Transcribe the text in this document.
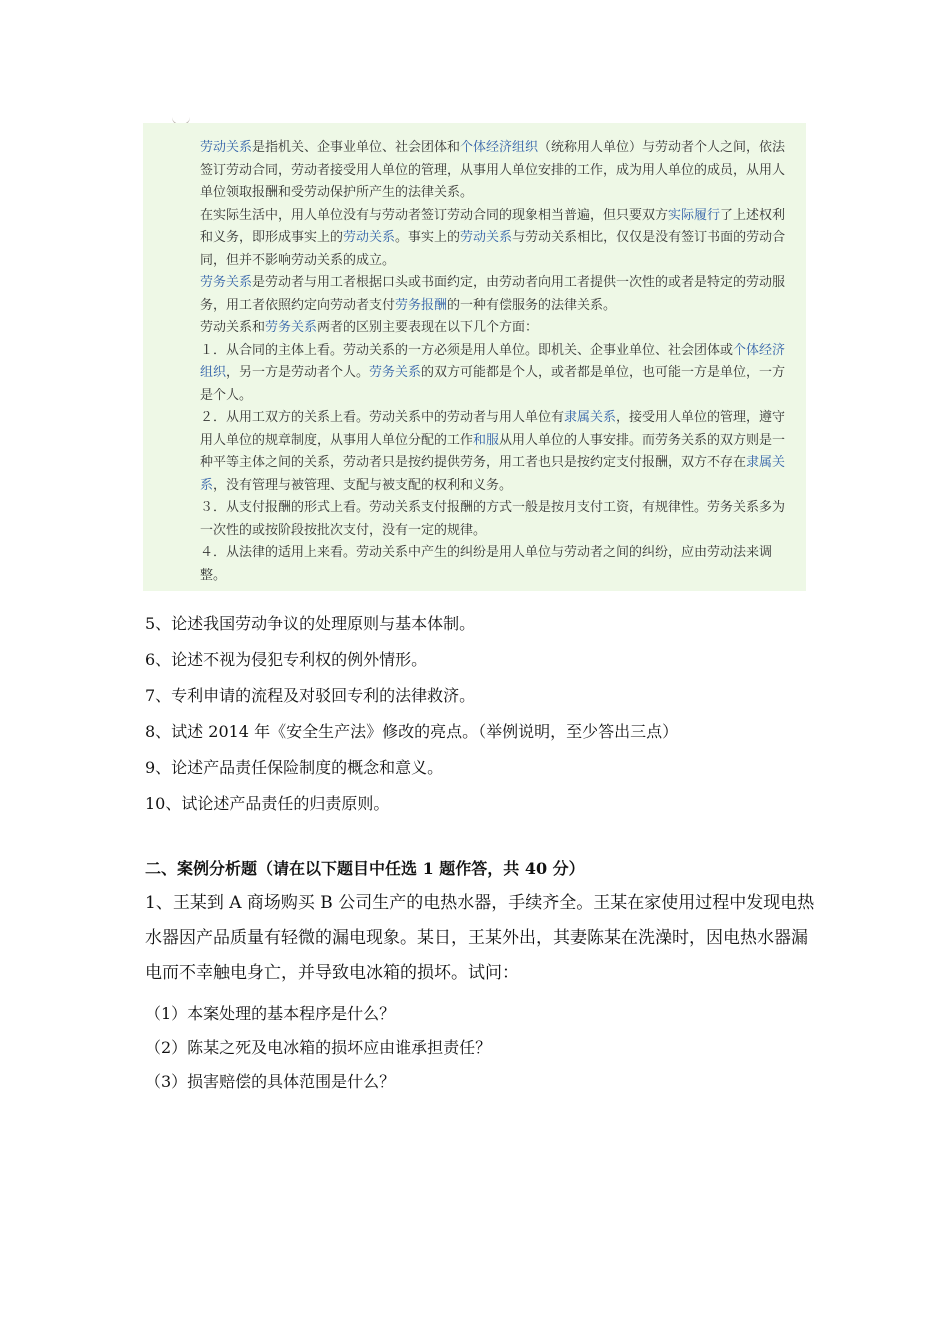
劳动关系是指机关、企事业单位、社会团体和个体经济组织（统称用人单位）与劳动者个人之间，依法签订劳动合同，劳动者接受用人单位的管理，从事用人单位安排的工作，成为用人单位的成员，从用人单位领取报酬和受劳动保护所产生的法律关系。

在实际生活中，用人单位没有与劳动者签订劳动合同的现象相当普遍，但只要双方实际履行了上述权利和义务，即形成事实上的劳动关系。事实上的劳动关系与劳动关系相比，仅仅是没有签订书面的劳动合同，但并不影响劳动关系的成立。

劳务关系是劳动者与用工者根据口头或书面约定，由劳动者向用工者提供一次性的或者是特定的劳动服务，用工者依照约定向劳动者支付劳务报酬的一种有偿服务的法律关系。

劳动关系和劳务关系两者的区别主要表现在以下几个方面：

１．从合同的主体上看。劳动关系的一方必须是用人单位。即机关、企事业单位、社会团体或个体经济组织，另一方是劳动者个人。劳务关系的双方可能都是个人，或者都是单位，也可能一方是单位，一方是个人。

２．从用工双方的关系上看。劳动关系中的劳动者与用人单位有隶属关系，接受用人单位的管理，遵守用人单位的规章制度，从事用人单位分配的工作和服从用人单位的人事安排。而劳务关系的双方则是一种平等主体之间的关系，劳动者只是按约提供劳务，用工者也只是按约定支付报酬，双方不存在隶属关系，没有管理与被管理、支配与被支配的权利和义务。

３．从支付报酬的形式上看。劳动关系支付报酬的方式一般是按月支付工资，有规律性。劳务关系多为一次性的或按阶段按批次支付，没有一定的规律。

４．从法律的适用上来看。劳动关系中产生的纠纷是用人单位与劳动者之间的纠纷，应由劳动法来调整。

5、论述我国劳动争议的处理原则与基本体制。
6、论述不视为侵犯专利权的例外情形。
7、专利申请的流程及对驳回专利的法律救济。
8、试述 2014 年《安全生产法》修改的亮点。（举例说明，至少答出三点）
9、论述产品责任保险制度的概念和意义。
10、试论述产品责任的归责原则。
二、案例分析题（请在以下题目中任选 1 题作答，共 40 分）

1、王某到 A 商场购买 B 公司生产的电热水器，手续齐全。王某在家使用过程中发现电热水器因产品质量有轻微的漏电现象。某日，王某外出，其妻陈某在洗澡时，因电热水器漏电而不幸触电身亡，并导致电冰箱的损坏。试问：

（1）本案处理的基本程序是什么？
（2）陈某之死及电冰箱的损坏应由谁承担责任？
（3）损害赔偿的具体范围是什么？
